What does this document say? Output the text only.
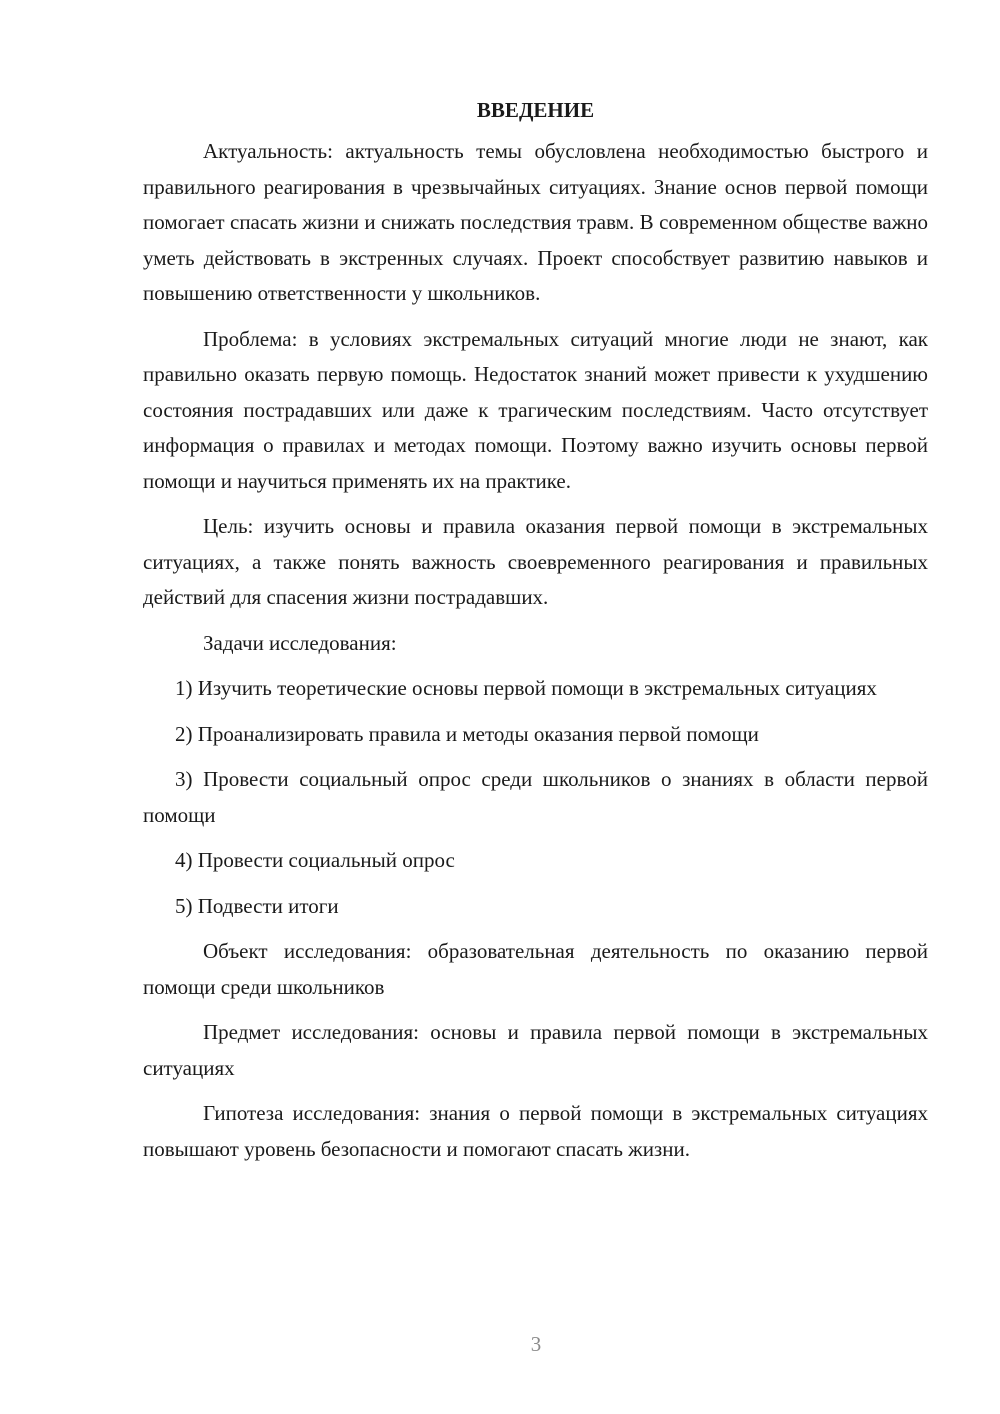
ВВЕДЕНИЕ

Актуальность: актуальность темы обусловлена необходимостью быстрого и правильного реагирования в чрезвычайных ситуациях. Знание основ первой помощи помогает спасать жизни и снижать последствия травм. В современном обществе важно уметь действовать в экстренных случаях. Проект способствует развитию навыков и повышению ответственности у школьников.

Проблема: в условиях экстремальных ситуаций многие люди не знают, как правильно оказать первую помощь. Недостаток знаний может привести к ухудшению состояния пострадавших или даже к трагическим последствиям. Часто отсутствует информация о правилах и методах помощи. Поэтому важно изучить основы первой помощи и научиться применять их на практике.

Цель: изучить основы и правила оказания первой помощи в экстремальных ситуациях, а также понять важность своевременного реагирования и правильных действий для спасения жизни пострадавших.

Задачи исследования:

1) Изучить теоретические основы первой помощи в экстремальных ситуациях

2) Проанализировать правила и методы оказания первой помощи

3) Провести социальный опрос среди школьников о знаниях в области первой помощи

4) Провести социальный опрос

5) Подвести итоги

Объект исследования: образовательная деятельность по оказанию первой помощи среди школьников

Предмет исследования: основы и правила первой помощи в экстремальных ситуациях

Гипотеза исследования: знания о первой помощи в экстремальных ситуациях повышают уровень безопасности и помогают спасать жизни.

3
